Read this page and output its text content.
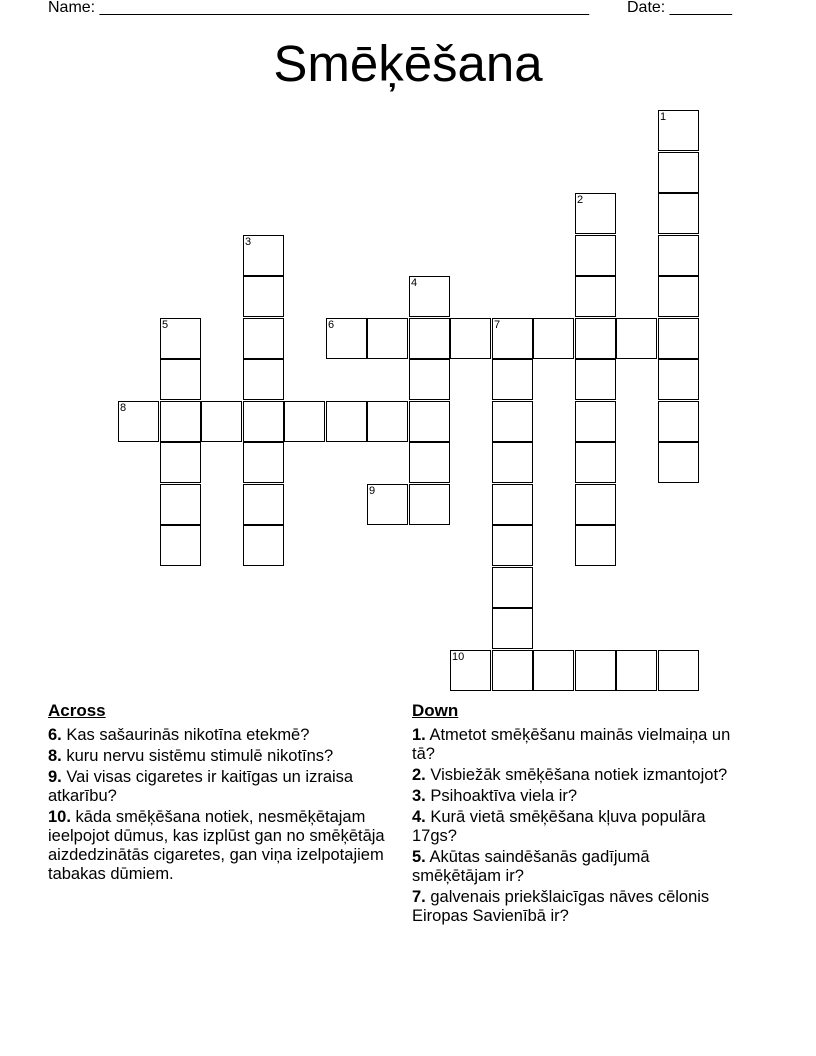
Name: _______________________________________________________ Date: _______
Smēķēšana
1
2
3
4
5	6	7
8
9
10
Across
6. Kas sašaurinās nikotīna etekmē?
8. kuru nervu sistēmu stimulē nikotīns?
9. Vai visas cigaretes ir kaitīgas un izraisa atkarību?
10. kāda smēķēšana notiek, nesmēķētajam ieelpojot dūmus, kas izplūst gan no smēķētāja aizdedzinātās cigaretes, gan viņa izelpotajiem tabakas dūmiem.
Down
1. Atmetot smēķēšanu mainās vielmaiņa un tā?
2. Visbiežāk smēķēšana notiek izmantojot?
3. Psihoaktīva viela ir?
4. Kurā vietā smēķēšana kļuva populāra 17gs?
5. Akūtas saindēšanās gadījumā smēķētājam ir?
7. galvenais priekšlaicīgas nāves cēlonis Eiropas Savienībā ir?
